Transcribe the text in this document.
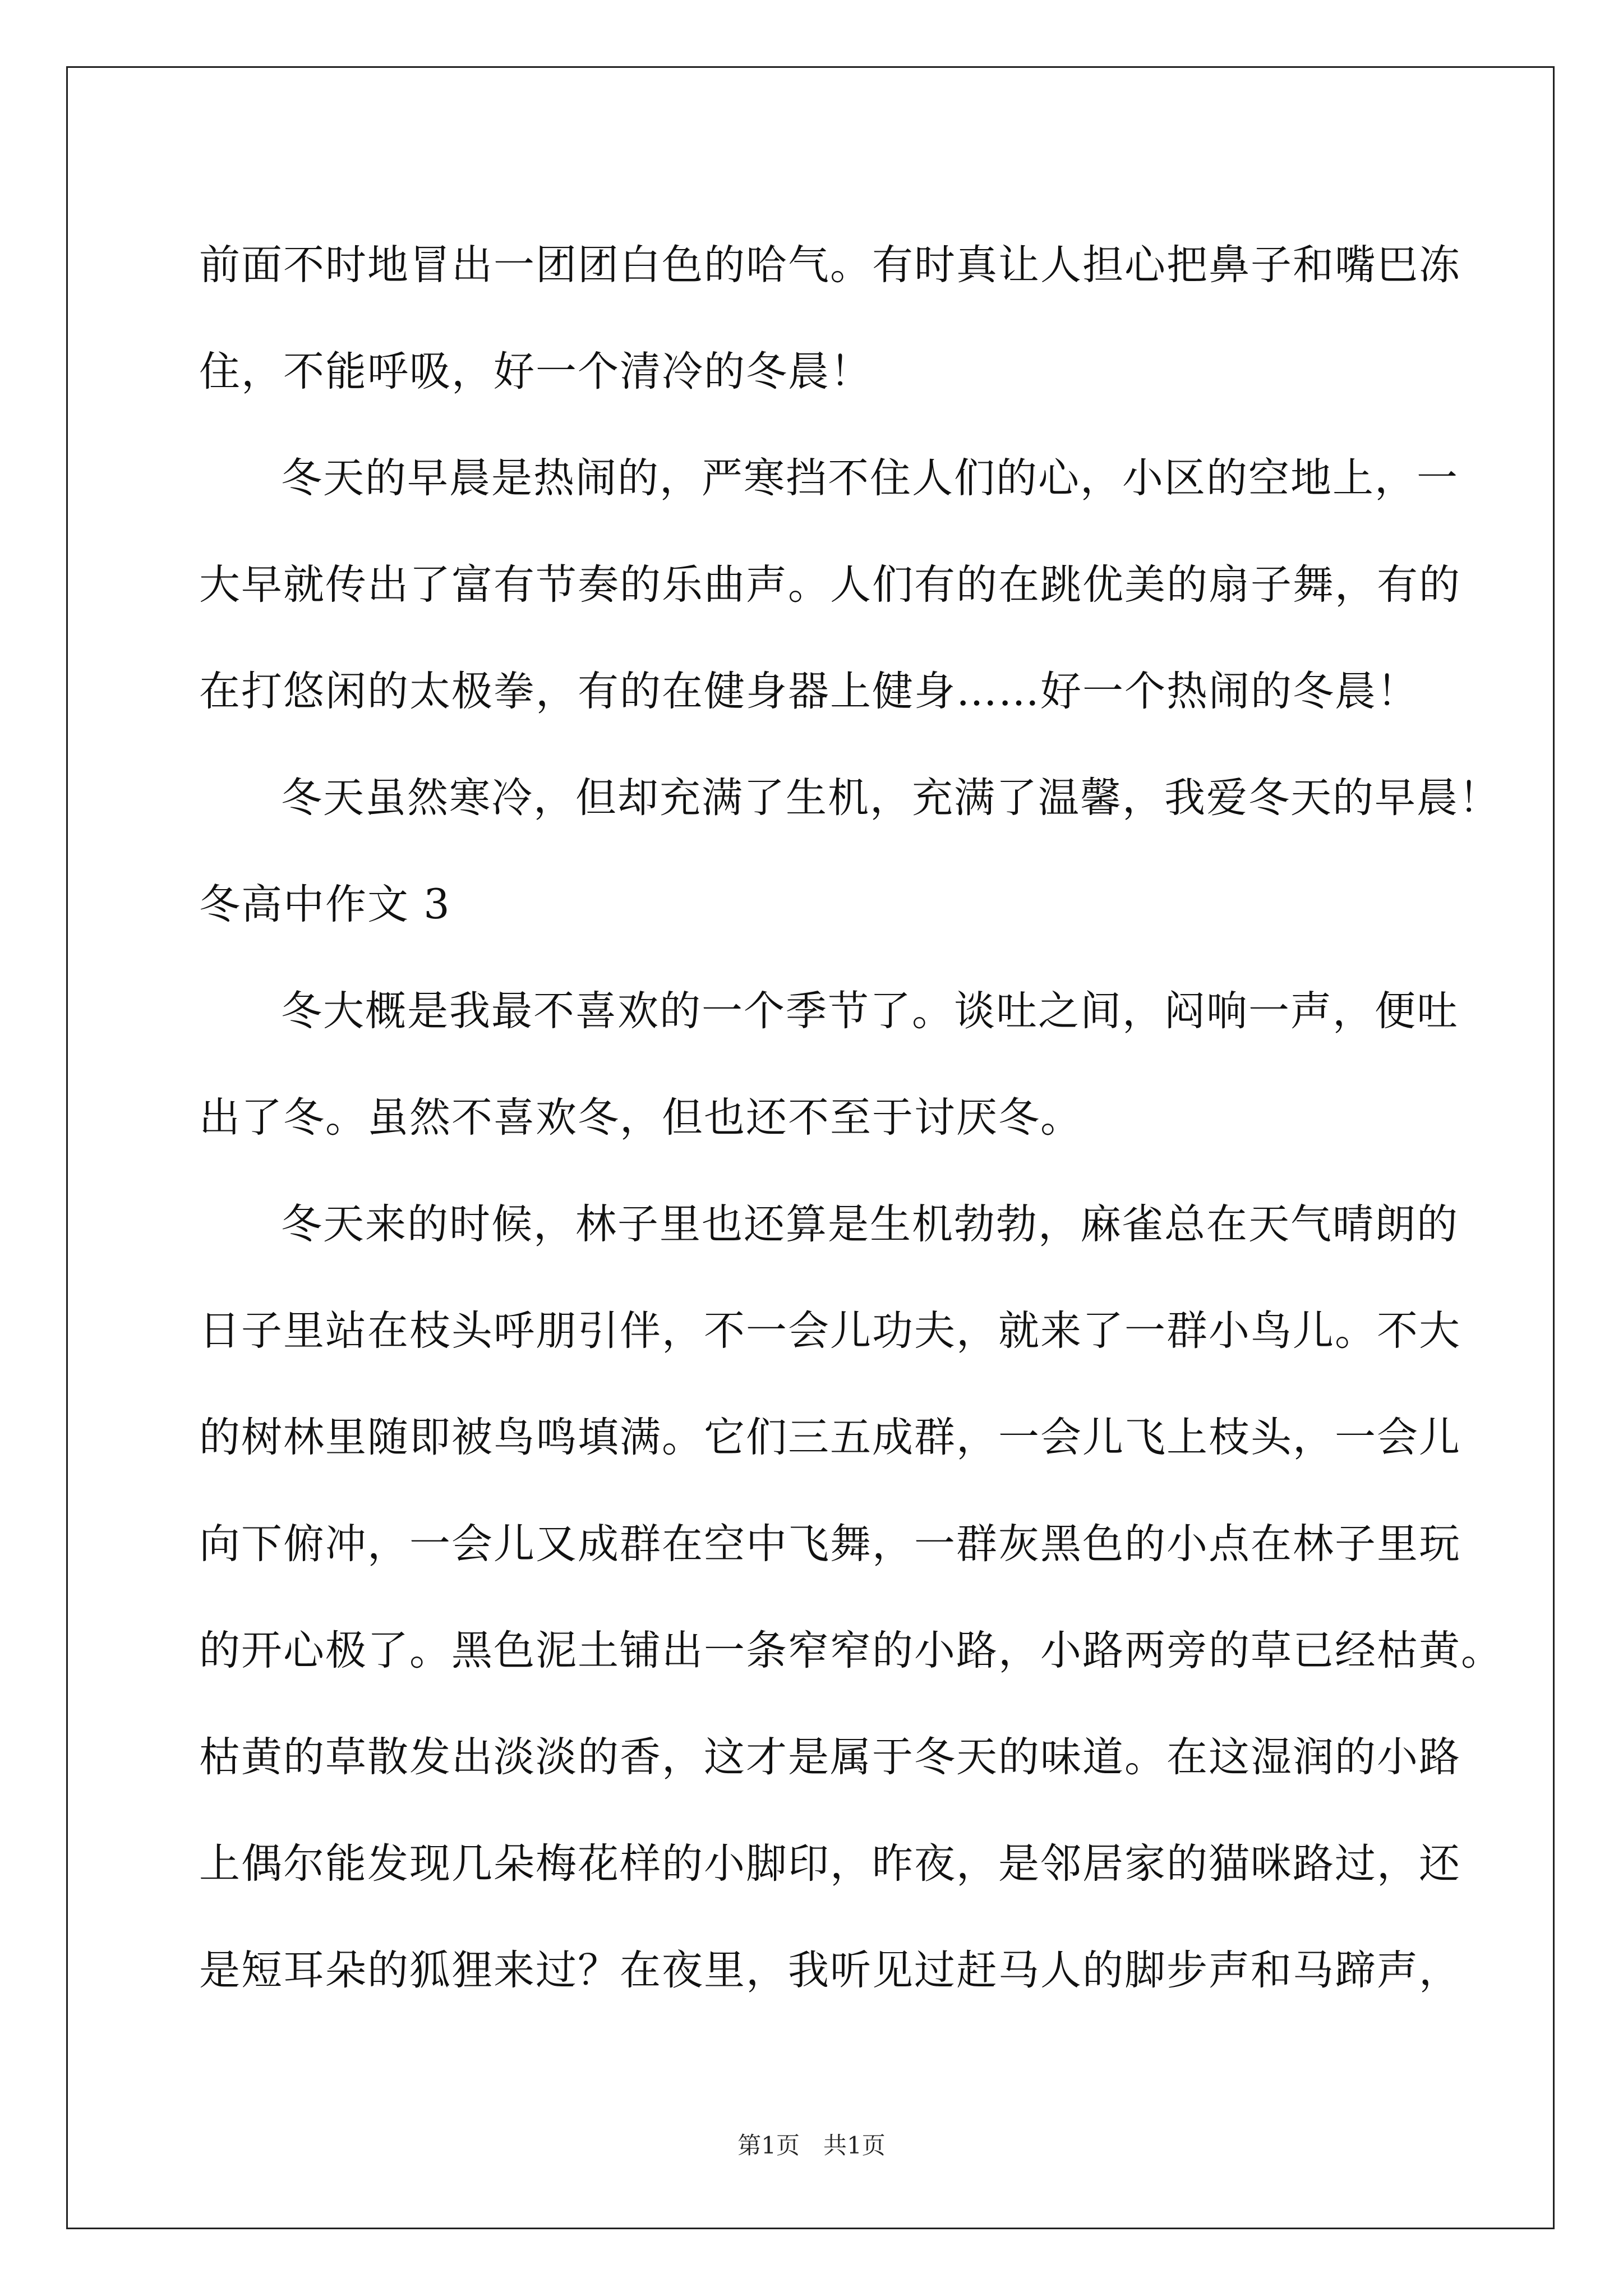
前面不时地冒出一团团白色的哈气。有时真让人担心把鼻子和嘴巴冻
住，不能呼吸，好一个清冷的冬晨！
冬天的早晨是热闹的，严寒挡不住人们的心，小区的空地上，一
大早就传出了富有节奏的乐曲声。人们有的在跳优美的扇子舞，有的
在打悠闲的太极拳，有的在健身器上健身……好一个热闹的冬晨！
冬天虽然寒冷，但却充满了生机，充满了温馨，我爱冬天的早晨！
冬高中作文 3
冬大概是我最不喜欢的一个季节了。谈吐之间，闷响一声，便吐
出了冬。虽然不喜欢冬，但也还不至于讨厌冬。
冬天来的时候，林子里也还算是生机勃勃，麻雀总在天气晴朗的
日子里站在枝头呼朋引伴，不一会儿功夫，就来了一群小鸟儿。不大
的树林里随即被鸟鸣填满。它们三五成群，一会儿飞上枝头，一会儿
向下俯冲，一会儿又成群在空中飞舞，一群灰黑色的小点在林子里玩
的开心极了。黑色泥土铺出一条窄窄的小路，小路两旁的草已经枯黄。
枯黄的草散发出淡淡的香，这才是属于冬天的味道。在这湿润的小路
上偶尔能发现几朵梅花样的小脚印，昨夜，是邻居家的猫咪路过，还
是短耳朵的狐狸来过？在夜里，我听见过赶马人的脚步声和马蹄声，
第1页　共1页
